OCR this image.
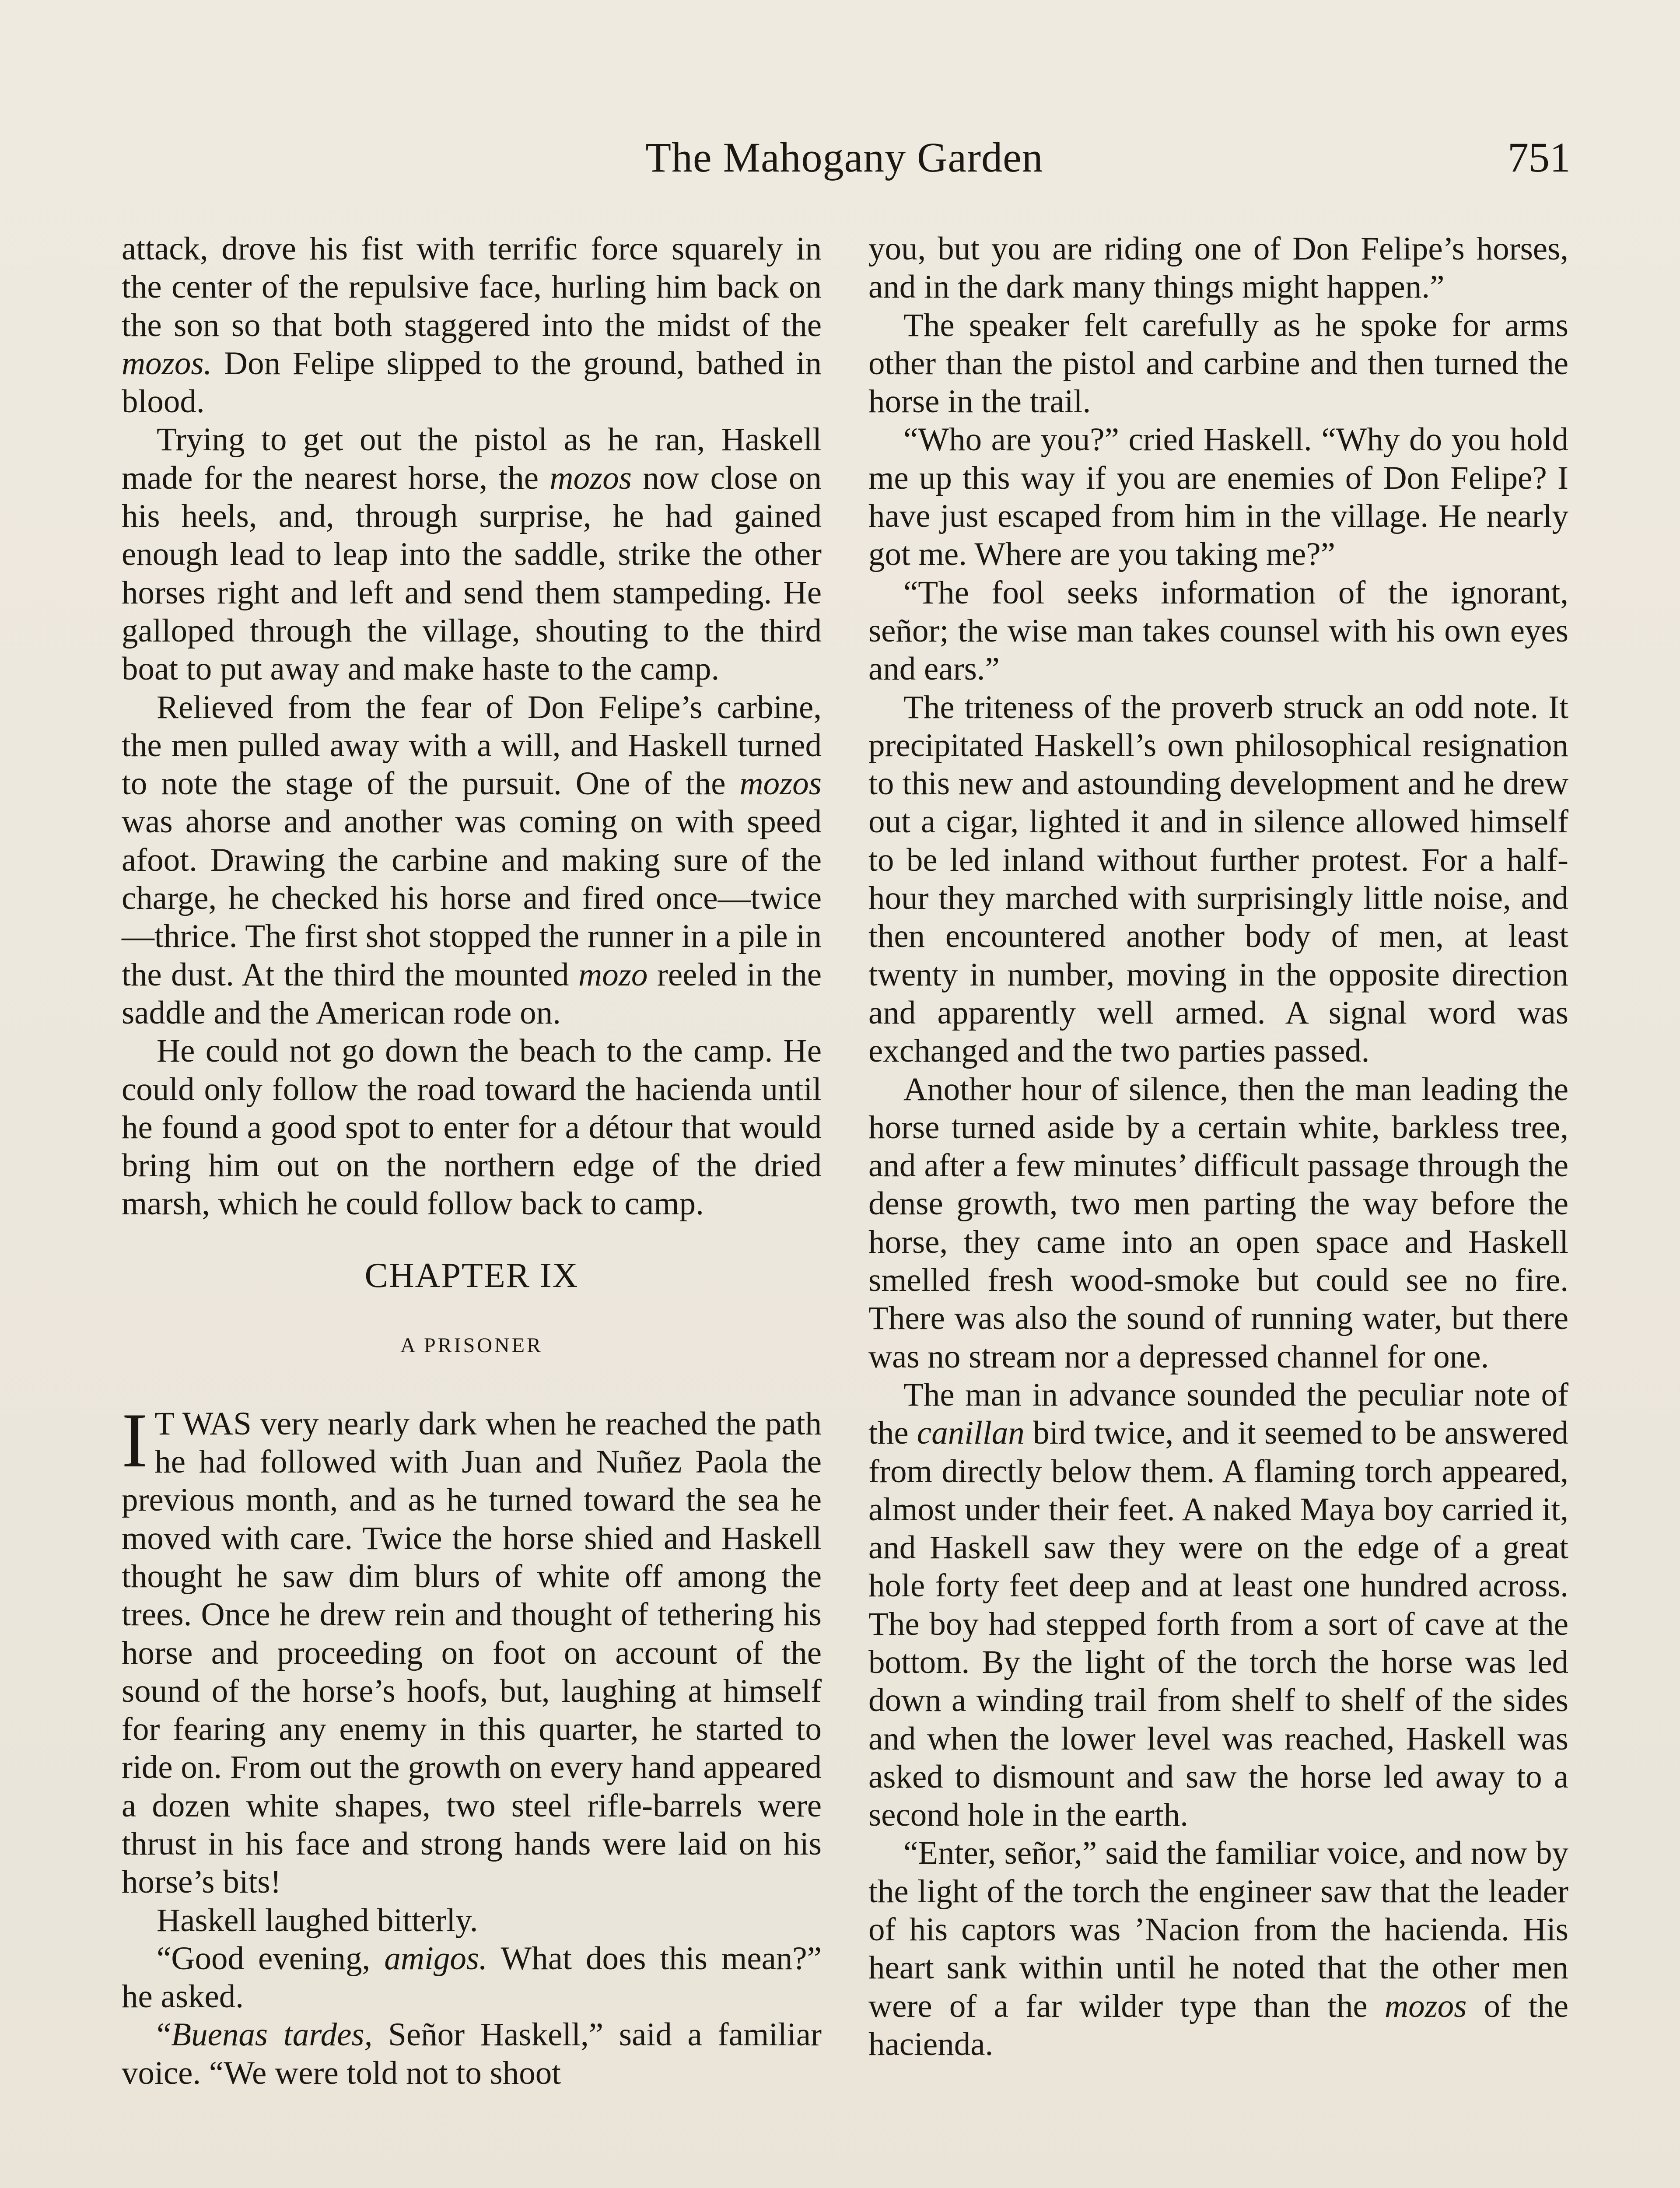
The Mahogany Garden	751

attack, drove his fist with terrific force squarely in the center of the repulsive face, hurling him back on the son so that both staggered into the midst of the mozos. Don Felipe slipped to the ground, bathed in blood.

Trying to get out the pistol as he ran, Haskell made for the nearest horse, the mozos now close on his heels, and, through surprise, he had gained enough lead to leap into the saddle, strike the other horses right and left and send them stampeding. He galloped through the village, shouting to the third boat to put away and make haste to the camp.

Relieved from the fear of Don Felipe’s carbine, the men pulled away with a will, and Haskell turned to note the stage of the pursuit. One of the mozos was ahorse and another was coming on with speed afoot. Drawing the carbine and making sure of the charge, he checked his horse and fired once—twice—thrice. The first shot stopped the runner in a pile in the dust. At the third the mounted mozo reeled in the saddle and the American rode on.

He could not go down the beach to the camp. He could only follow the road toward the hacienda until he found a good spot to enter for a détour that would bring him out on the northern edge of the dried marsh, which he could follow back to camp.

CHAPTER IX
A PRISONER

I T WAS very nearly dark when he reached the path he had followed with Juan and Nuñez Paola the previous month, and as he turned toward the sea he moved with care. Twice the horse shied and Haskell thought he saw dim blurs of white off among the trees. Once he drew rein and thought of tethering his horse and proceeding on foot on account of the sound of the horse’s hoofs, but, laughing at himself for fearing any enemy in this quarter, he started to ride on. From out the growth on every hand appeared a dozen white shapes, two steel rifle-barrels were thrust in his face and strong hands were laid on his horse’s bits!

Haskell laughed bitterly.

“Good evening, amigos. What does this mean?” he asked.

“Buenas tardes, Señor Haskell,” said a familiar voice. “We were told not to shoot

you, but you are riding one of Don Felipe’s horses, and in the dark many things might happen.”

The speaker felt carefully as he spoke for arms other than the pistol and carbine and then turned the horse in the trail.

“Who are you?” cried Haskell. “Why do you hold me up this way if you are enemies of Don Felipe? I have just escaped from him in the village. He nearly got me. Where are you taking me?”

“The fool seeks information of the ignorant, señor; the wise man takes counsel with his own eyes and ears.”

The triteness of the proverb struck an odd note. It precipitated Haskell’s own philosophical resignation to this new and astounding development and he drew out a cigar, lighted it and in silence allowed himself to be led inland without further protest. For a half-hour they marched with surprisingly little noise, and then encountered another body of men, at least twenty in number, moving in the opposite direction and apparently well armed. A signal word was exchanged and the two parties passed.

Another hour of silence, then the man leading the horse turned aside by a certain white, barkless tree, and after a few minutes’ difficult passage through the dense growth, two men parting the way before the horse, they came into an open space and Haskell smelled fresh wood-smoke but could see no fire. There was also the sound of running water, but there was no stream nor a depressed channel for one.

The man in advance sounded the peculiar note of the canillan bird twice, and it seemed to be answered from directly below them. A flaming torch appeared, almost under their feet. A naked Maya boy carried it, and Haskell saw they were on the edge of a great hole forty feet deep and at least one hundred across. The boy had stepped forth from a sort of cave at the bottom. By the light of the torch the horse was led down a winding trail from shelf to shelf of the sides and when the lower level was reached, Haskell was asked to dismount and saw the horse led away to a second hole in the earth.

“Enter, señor,” said the familiar voice, and now by the light of the torch the engineer saw that the leader of his captors was ’Nacion from the hacienda. His heart sank within until he noted that the other men were of a far wilder type than the mozos of the hacienda.
